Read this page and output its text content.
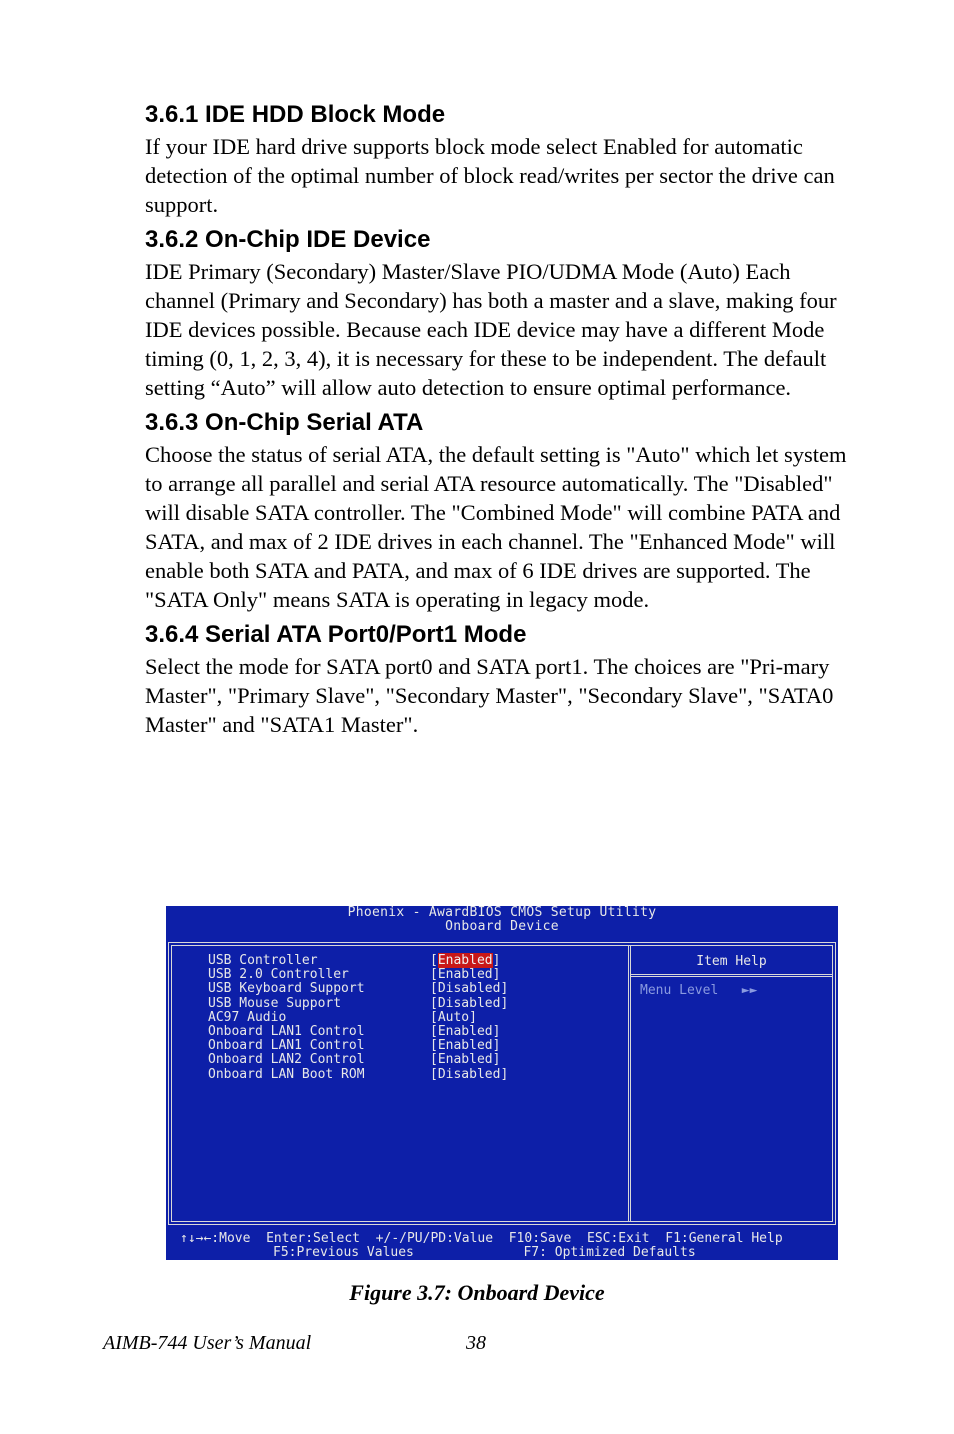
3.6.1 IDE HDD Block Mode

If your IDE hard drive supports block mode select Enabled for automatic detection of the optimal number of block read/writes per sector the drive can support.

3.6.2 On-Chip IDE Device

IDE Primary (Secondary) Master/Slave PIO/UDMA Mode (Auto) Each channel (Primary and Secondary) has both a master and a slave, making four IDE devices possible. Because each IDE device may have a different Mode timing (0, 1, 2, 3, 4), it is necessary for these to be independent. The default setting “Auto” will allow auto detection to ensure optimal performance.

3.6.3 On-Chip Serial ATA

Choose the status of serial ATA, the default setting is "Auto" which let system to arrange all parallel and serial ATA resource automatically. The "Disabled" will disable SATA controller. The "Combined Mode" will combine PATA and SATA, and max of 2 IDE drives in each channel. The "Enhanced Mode" will enable both SATA and PATA, and max of 6 IDE drives are supported. The "SATA Only" means SATA is operating in legacy mode.

3.6.4 Serial ATA Port0/Port1 Mode

Select the mode for SATA port0 and SATA port1. The choices are "Pri-mary Master", "Primary Slave", "Secondary Master", "Secondary Slave", "SATA0 Master" and "SATA1 Master".

Phoenix - AwardBIOS CMOS Setup Utility
Onboard Device
USB Controller	[Enabled]
USB 2.0 Controller	[Enabled]
USB Keyboard Support	[Disabled]
USB Mouse Support	[Disabled]
AC97 Audio	[Auto]
Onboard LAN1 Control	[Enabled]
Onboard LAN1 Control	[Enabled]
Onboard LAN2 Control	[Enabled]
Onboard LAN Boot ROM	[Disabled]
Item Help
Menu Level   ►►
↑↓→←:Move  Enter:Select  +/-/PU/PD:Value  F10:Save  ESC:Exit  F1:General Help
F5:Previous Values              F7: Optimized Defaults
Figure 3.7: Onboard Device
AIMB-744 User’s Manual	38
